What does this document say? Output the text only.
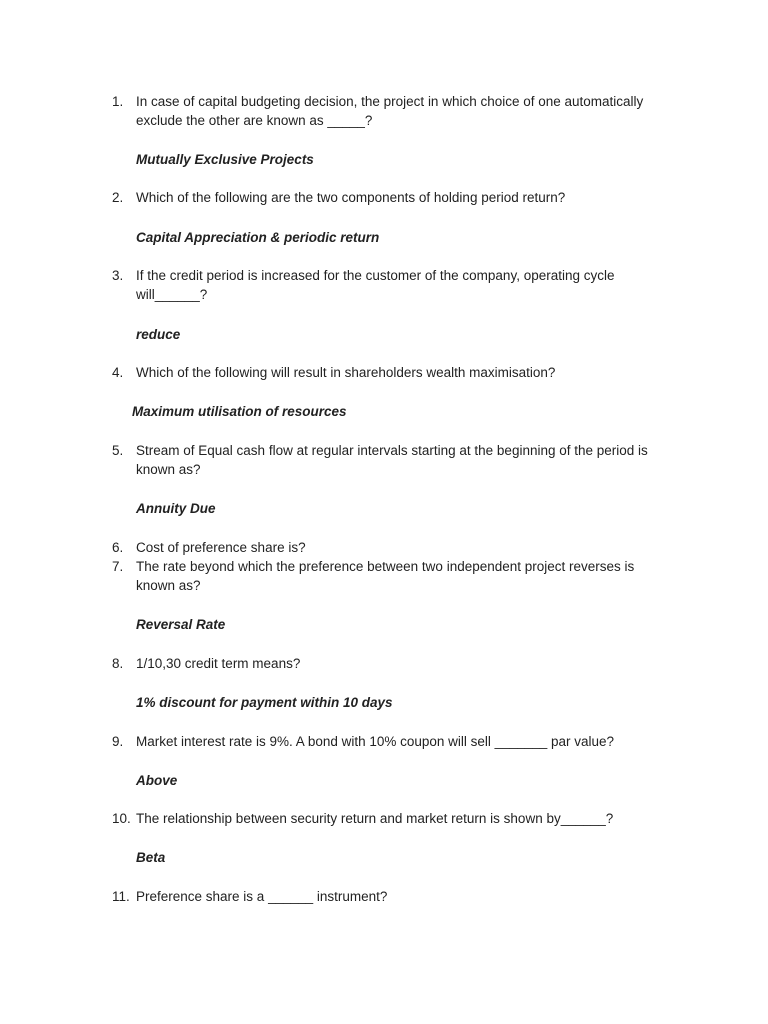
1. In case of capital budgeting decision, the project in which choice of one automatically exclude the other are known as _____?
Mutually Exclusive Projects
2. Which of the following are the two components of holding period return?
Capital Appreciation & periodic return
3. If the credit period is increased for the customer of the company, operating cycle will______?
reduce
4. Which of the following will result in shareholders wealth maximisation?
Maximum utilisation of resources
5. Stream of Equal cash flow at regular intervals starting at the beginning of the period is known as?
Annuity Due
6. Cost of preference share is?
7. The rate beyond which the preference between two independent project reverses is known as?
Reversal Rate
8. 1/10,30 credit term means?
1% discount for payment within 10 days
9. Market interest rate is 9%. A bond with 10% coupon will sell _______ par value?
Above
10. The relationship between security return and market return is shown by______?
Beta
11. Preference share is a ______ instrument?
